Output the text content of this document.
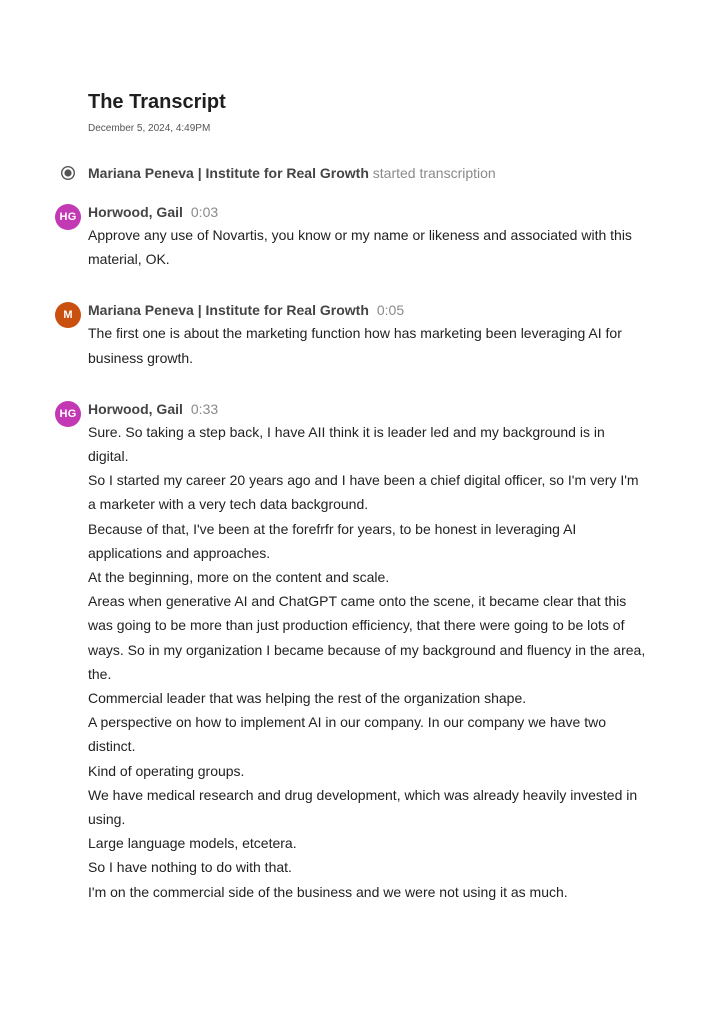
The Transcript
December 5, 2024, 4:49PM
Mariana Peneva | Institute for Real Growth started transcription
HG Horwood, Gail 0:03

Approve any use of Novartis, you know or my name or likeness and associated with this material, OK.

M	Mariana Peneva | Institute for Real Growth 0:05

The first one is about the marketing function how has marketing been leveraging AI for business growth.

HG Horwood, Gail 0:33

Sure. So taking a step back, I have AII think it is leader led and my background is in digital.

So I started my career 20 years ago and I have been a chief digital officer, so I'm very I'm a marketer with a very tech data background.

Because of that, I've been at the forefrfr for years, to be honest in leveraging AI applications and approaches.

At the beginning, more on the content and scale.

Areas when generative AI and ChatGPT came onto the scene, it became clear that this was going to be more than just production efficiency, that there were going to be lots of ways. So in my organization I became because of my background and fluency in the area, the.

Commercial leader that was helping the rest of the organization shape.

A perspective on how to implement AI in our company. In our company we have two distinct.

Kind of operating groups.

We have medical research and drug development, which was already heavily invested in using.

Large language models, etcetera.

So I have nothing to do with that.

I'm on the commercial side of the business and we were not using it as much.
